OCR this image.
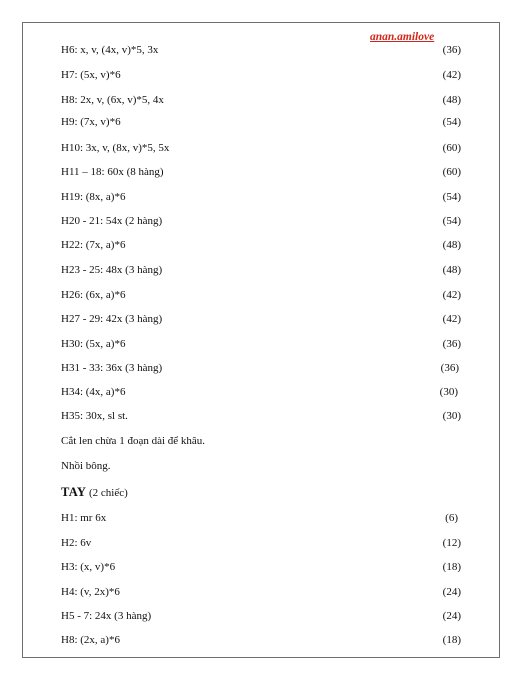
anan.amilove
H6: x, v, (4x, v)*5, 3x	(36)
H7: (5x, v)*6	(42)
H8: 2x, v, (6x, v)*5, 4x	(48)
H9: (7x, v)*6	(54)
H10: 3x, v, (8x, v)*5, 5x	(60)
H11 – 18: 60x (8 hàng)	(60)
H19: (8x, a)*6	(54)
H20 - 21: 54x (2 hàng)	(54)
H22: (7x, a)*6	(48)
H23 - 25: 48x (3 hàng)	(48)
H26: (6x, a)*6	(42)
H27 - 29: 42x (3 hàng)	(42)
H30: (5x, a)*6	(36)
H31 - 33: 36x (3 hàng)	(36)
H34: (4x, a)*6	(30)
H35: 30x, sl st.	(30)
Cắt len chừa 1 đoạn dài để khâu.
Nhồi bông.
TAY (2 chiếc)
H1: mr 6x	(6)
H2: 6v	(12)
H3: (x, v)*6	(18)
H4: (v, 2x)*6	(24)
H5 - 7: 24x (3 hàng)	(24)
H8: (2x, a)*6	(18)
